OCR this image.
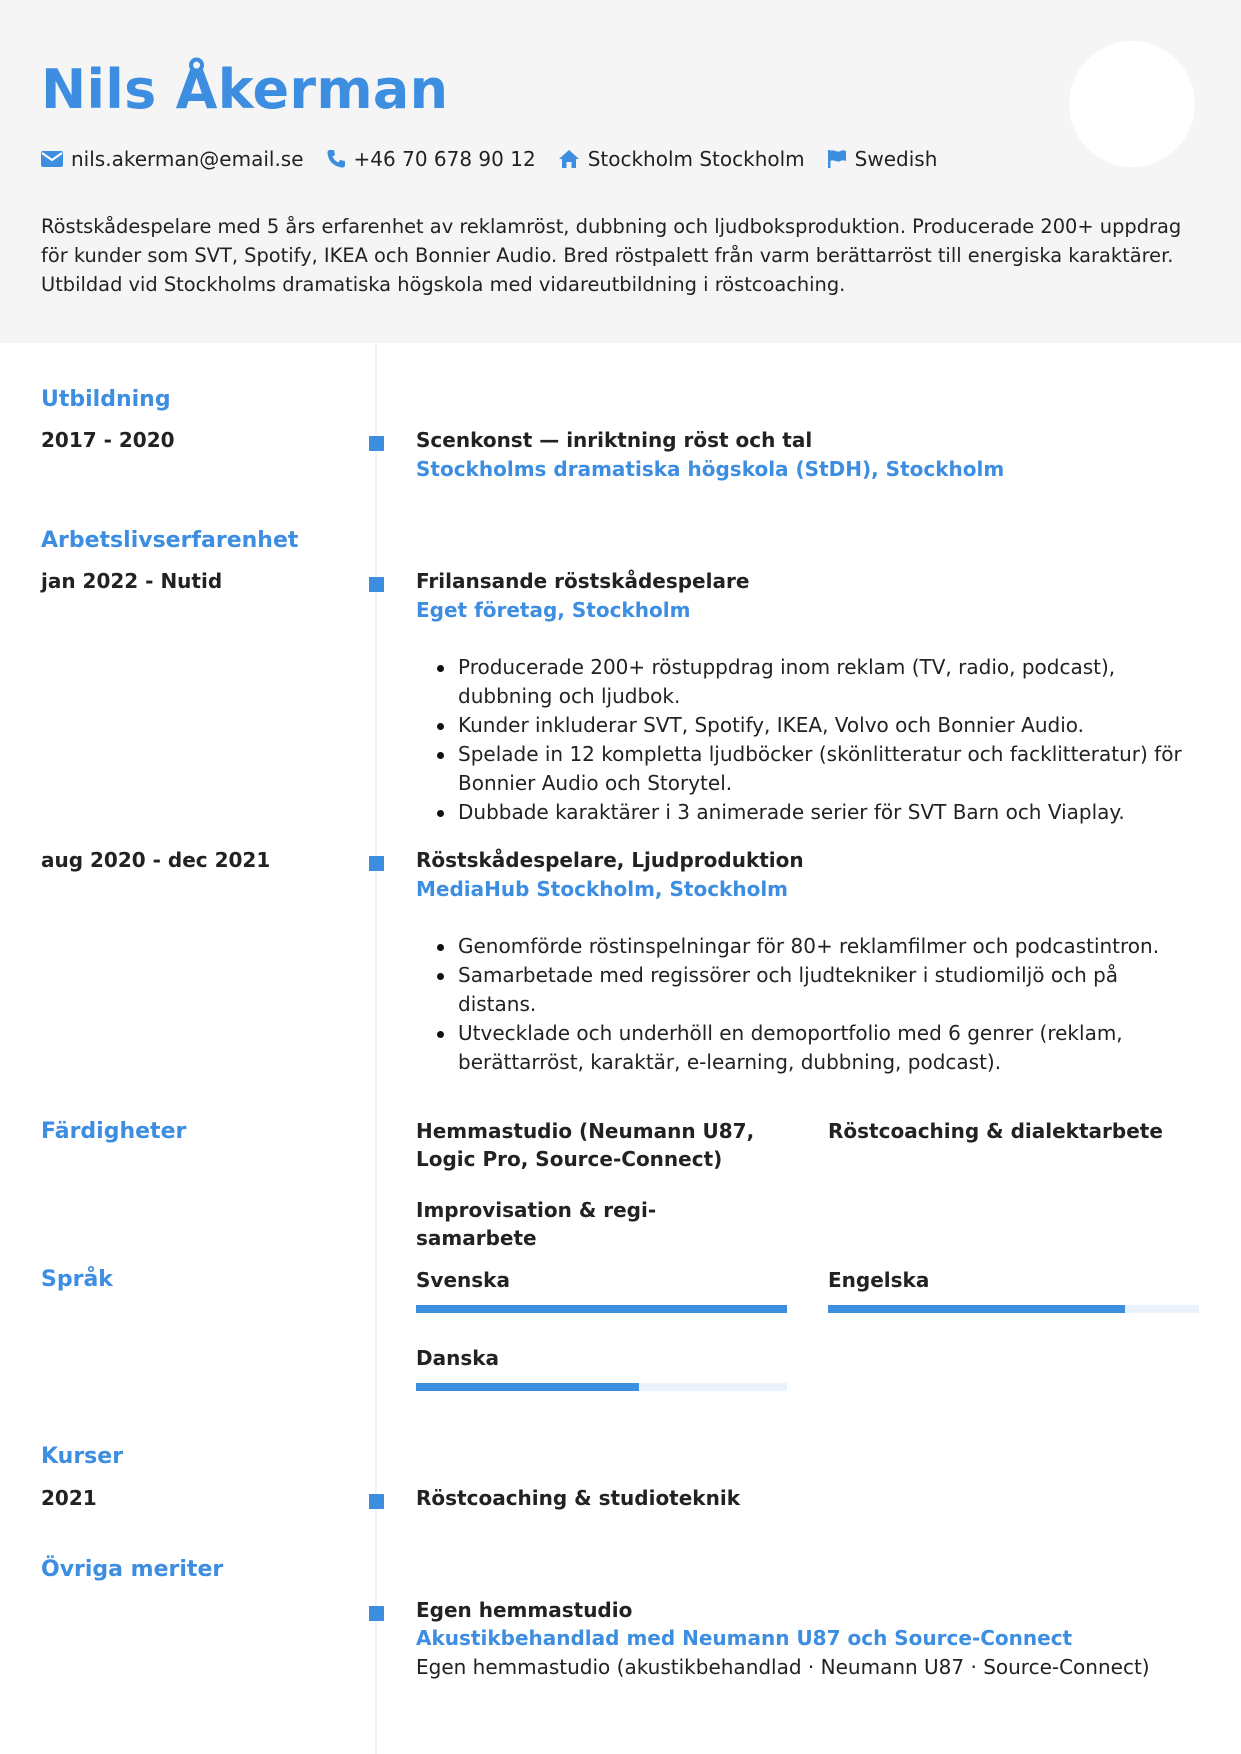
Nils Åkerman
nils.akerman@email.se	+46 70 678 90 12	Stockholm Stockholm	Swedish

Röstskådespelare med 5 års erfarenhet av reklamröst, dubbning och ljudboksproduktion. Producerade 200+ uppdrag för kunder som SVT, Spotify, IKEA och Bonnier Audio. Bred röstpalett från varm berättarröst till energiska karaktärer. Utbildad vid Stockholms dramatiska högskola med vidareutbildning i röstcoaching.

Utbildning
2017 - 2020	Scenkonst — inriktning röst och tal
Stockholms dramatiska högskola (StDH), Stockholm
Arbetslivserfarenhet
jan 2022 - Nutid	Frilansande röstskådespelare
Eget företag, Stockholm
Producerade 200+ röstuppdrag inom reklam (TV, radio, podcast), dubbning och ljudbok.
Kunder inkluderar SVT, Spotify, IKEA, Volvo och Bonnier Audio.
Spelade in 12 kompletta ljudböcker (skönlitteratur och facklitteratur) för Bonnier Audio och Storytel.
Dubbade karaktärer i 3 animerade serier för SVT Barn och Viaplay.
aug 2020 - dec 2021	Röstskådespelare, Ljudproduktion
MediaHub Stockholm, Stockholm
Genomförde röstinspelningar för 80+ reklamfilmer och podcastintron.
Samarbetade med regissörer och ljudtekniker i studiomiljö och på distans.
Utvecklade och underhöll en demoportfolio med 6 genrer (reklam, berättarröst, karaktär, e-learning, dubbning, podcast).
Färdigheter	Hemmastudio (Neumann U87, Logic Pro, Source-Connect)
Röstcoaching & dialektarbete
Improvisation & regi-samarbete
Språk	Svenska	Engelska
Danska
Kurser
2021	Röstcoaching & studioteknik
Övriga meriter
Egen hemmastudio
Akustikbehandlad med Neumann U87 och Source-Connect
Egen hemmastudio (akustikbehandlad · Neumann U87 · Source-Connect)
